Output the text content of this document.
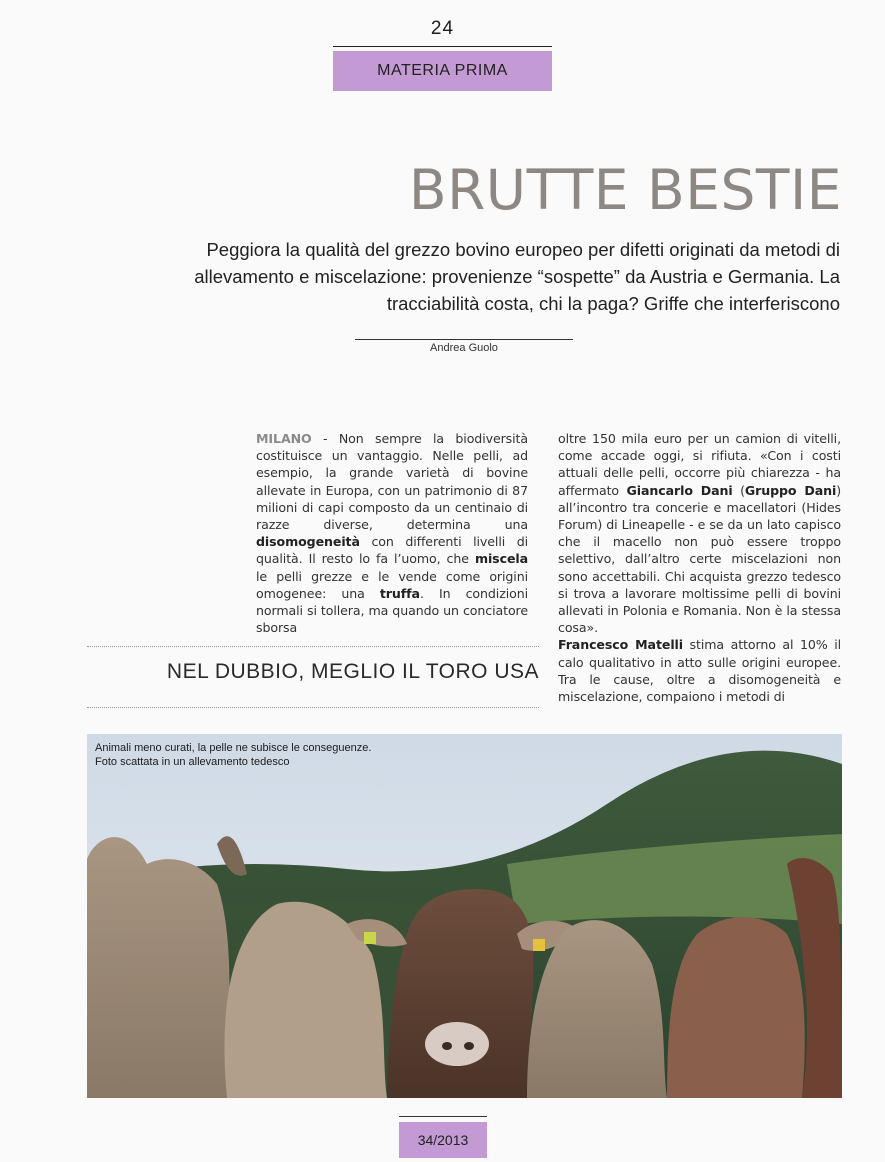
24
MATERIA PRIMA
BRUTTE BESTIE
Peggiora la qualità del grezzo bovino europeo per difetti originati da metodi di allevamento e miscelazione: provenienze “sospette” da Austria e Germania. La tracciabilità costa, chi la paga? Griffe che interferiscono
Andrea Guolo
MILANO - Non sempre la biodiversità costituisce un vantaggio. Nelle pelli, ad esempio, la grande varietà di bovine allevate in Europa, con un patrimonio di 87 milioni di capi composto da un centinaio di razze diverse, determina una disomogeneità con differenti livelli di qualità. Il resto lo fa l’uomo, che miscela le pelli grezze e le vende come origini omogenee: una truffa. In condizioni normali si tollera, ma quando un conciatore sborsa
oltre 150 mila euro per un camion di vitelli, come accade oggi, si rifiuta. «Con i costi attuali delle pelli, occorre più chiarezza - ha affermato Giancarlo Dani (Gruppo Dani) all’incontro tra concerie e macellatori (Hides Forum) di Lineapelle - e se da un lato capisco che il macello non può essere troppo selettivo, dall’altro certe miscelazioni non sono accettabili. Chi acquista grezzo tedesco si trova a lavorare moltissime pelli di bovini allevati in Polonia e Romania. Non è la stessa cosa».
Francesco Matelli stima attorno al 10% il calo qualitativo in atto sulle origini europee. Tra le cause, oltre a disomogeneità e miscelazione, compaiono i metodi di
NEL DUBBIO, MEGLIO IL TORO USA
Animali meno curati, la pelle ne subisce le conseguenze.
Foto scattata in un allevamento tedesco
34/2013
